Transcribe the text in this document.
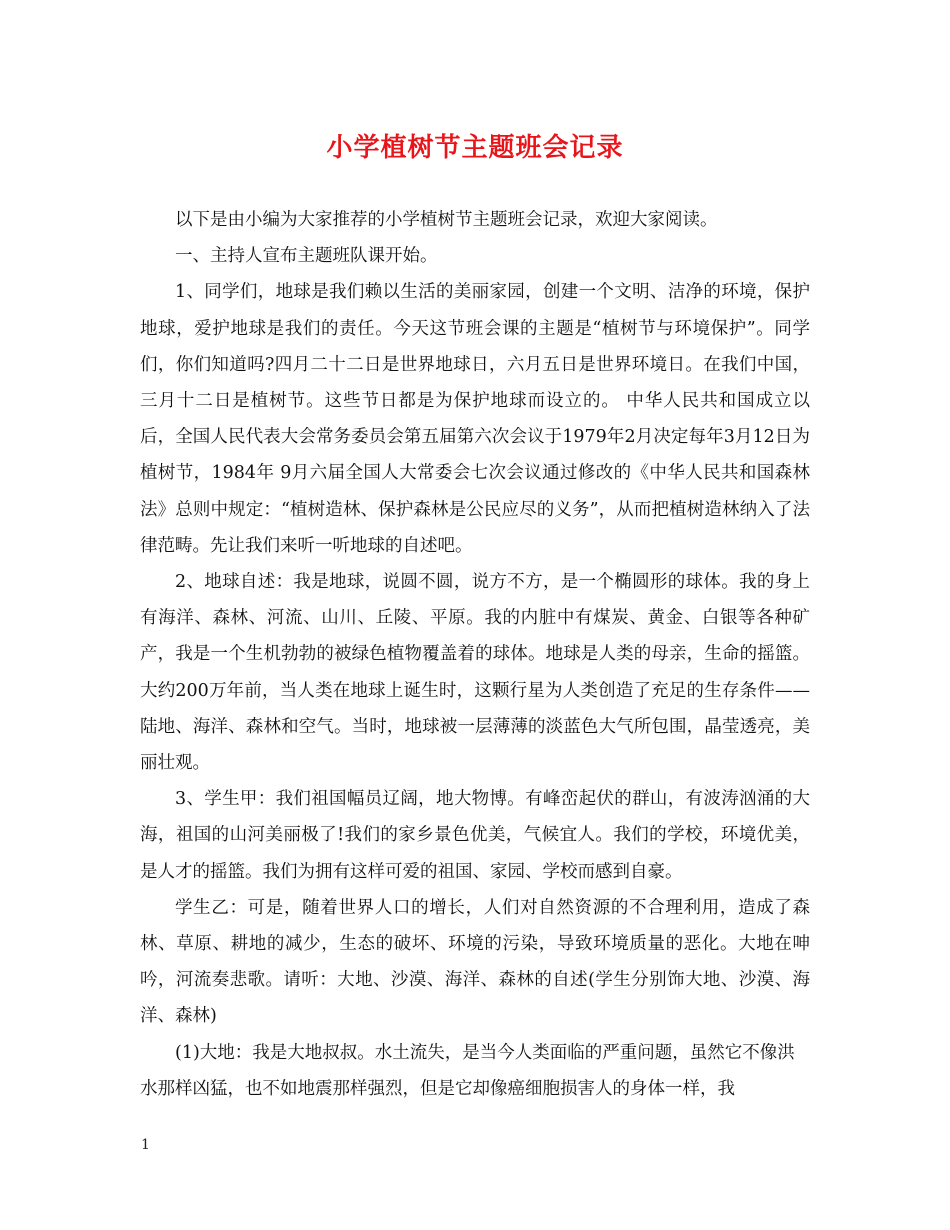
小学植树节主题班会记录

以下是由小编为大家推荐的小学植树节主题班会记录，欢迎大家阅读。

一、主持人宣布主题班队课开始。

1、同学们，地球是我们赖以生活的美丽家园，创建一个文明、洁净的环境，保护地球，爱护地球是我们的责任。今天这节班会课的主题是“植树节与环境保护”。同学们，你们知道吗?四月二十二日是世界地球日，六月五日是世界环境日。在我们中国，三月十二日是植树节。这些节日都是为保护地球而设立的。 中华人民共和国成立以后，全国人民代表大会常务委员会第五届第六次会议于1979年2月决定每年3月12日为植树节，1984年 9月六届全国人大常委会七次会议通过修改的《中华人民共和国森林法》总则中规定：“植树造林、保护森林是公民应尽的义务”，从而把植树造林纳入了法律范畴。先让我们来听一听地球的自述吧。

2、地球自述：我是地球，说圆不圆，说方不方，是一个椭圆形的球体。我的身上有海洋、森林、河流、山川、丘陵、平原。我的内脏中有煤炭、黄金、白银等各种矿产，我是一个生机勃勃的被绿色植物覆盖着的球体。地球是人类的母亲，生命的摇篮。大约200万年前，当人类在地球上诞生时，这颗行星为人类创造了充足的生存条件——陆地、海洋、森林和空气。当时，地球被一层薄薄的淡蓝色大气所包围，晶莹透亮，美丽壮观。

3、学生甲：我们祖国幅员辽阔，地大物博。有峰峦起伏的群山，有波涛汹涌的大海，祖国的山河美丽极了!我们的家乡景色优美，气候宜人。我们的学校，环境优美，是人才的摇篮。我们为拥有这样可爱的祖国、家园、学校而感到自豪。

学生乙：可是，随着世界人口的增长，人们对自然资源的不合理利用，造成了森林、草原、耕地的减少，生态的破坏、环境的污染，导致环境质量的恶化。大地在呻吟，河流奏悲歌。请听：大地、沙漠、海洋、森林的自述(学生分别饰大地、沙漠、海洋、森林)

(1)大地：我是大地叔叔。水土流失，是当今人类面临的严重问题，虽然它不像洪水那样凶猛，也不如地震那样强烈，但是它却像癌细胞损害人的身体一样，我

1
